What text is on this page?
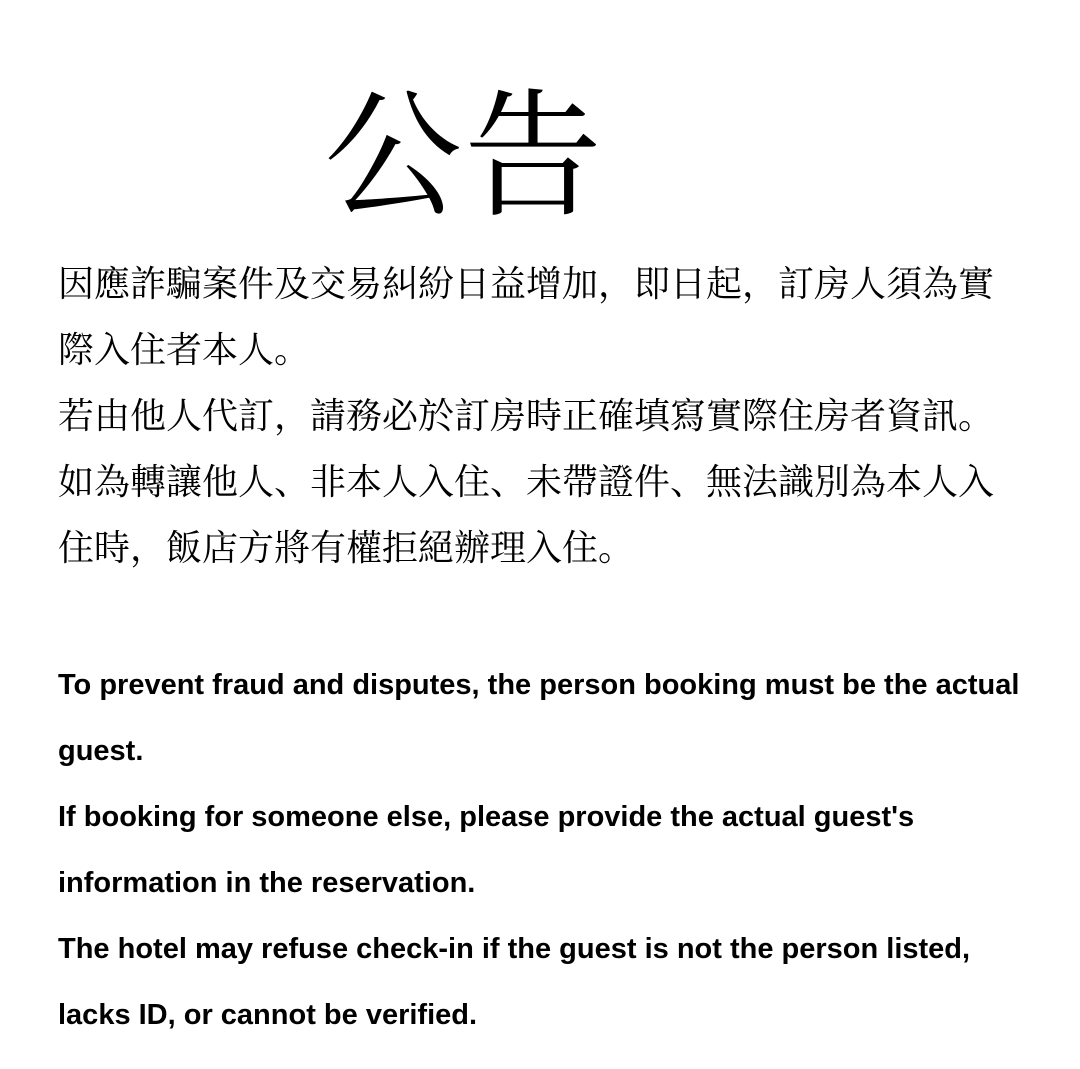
公告

因應詐騙案件及交易糾紛日益增加，即日起，訂房人須為實際入住者本人。

若由他人代訂，請務必於訂房時正確填寫實際住房者資訊。

如為轉讓他人、非本人入住、未帶證件、無法識別為本人入住時，飯店方將有權拒絕辦理入住。

To prevent fraud and disputes, the person booking must be the actual guest.

If booking for someone else, please provide the actual guest's information in the reservation.

The hotel may refuse check-in if the guest is not the person listed, lacks ID, or cannot be verified.
